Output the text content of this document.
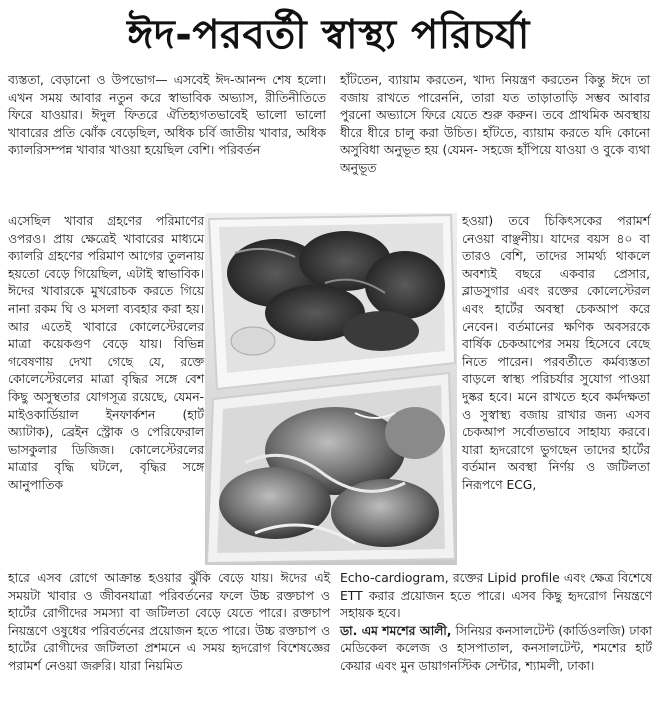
ঈদ-পরবর্তী স্বাস্থ্য পরিচর্যা

ব্যস্ততা, বেড়ানো ও উপভোগ— এসবেই ঈদ-আনন্দ শেষ হলো। এখন সময় আবার নতুন করে স্বাভাবিক অভ্যাস, রীতিনীতিতে ফিরে যাওয়ার। ঈদুল ফিতরে ঐতিহ্যগতভাবেই ভালো ভালো খাবারের প্রতি ঝোঁক বেড়েছিল, অধিক চর্বি জাতীয় খাবার, অধিক ক্যালরিসম্পন্ন খাবার খাওয়া হয়েছিল বেশি। পরিবর্তন

এসেছিল খাবার গ্রহণের পরিমাণের ওপরও। প্রায় ক্ষেত্রেই খাবারের মাধ্যমে ক্যালরি গ্রহণের পরিমাণ আগের তুলনায় হয়তো বেড়ে গিয়েছিল, এটাই স্বাভাবিক। ঈদের খাবারকে মুখরোচক করতে গিয়ে নানা রকম ঘি ও মসলা ব্যবহার করা হয়। আর এতেই খাবারে কোলেস্টেরলের মাত্রা কয়েকগুণ বেড়ে যায়। বিভিন্ন গবেষণায় দেখা গেছে যে, রক্তে কোলেস্টেরলের মাত্রা বৃদ্ধির সঙ্গে বেশ কিছু অসুস্থতার যোগসূত্র রয়েছে, যেমন- মাইওকার্ডিয়াল ইনফার্কশন (হার্ট অ্যাটাক), ব্রেইন স্ট্রোক ও পেরিফেরাল ভাসকুলার ডিজিজ। কোলেস্টেরলের মাত্রার বৃদ্ধি ঘটলে, বৃদ্ধির সঙ্গে আনুপাতিক

হারে এসব রোগে আক্রান্ত হওয়ার ঝুঁকি বেড়ে যায়। ঈদের এই সময়টা খাবার ও জীবনযাত্রা পরিবর্তনের ফলে উচ্চ রক্তচাপ ও হার্টের রোগীদের সমস্যা বা জটিলতা বেড়ে যেতে পারে। রক্তচাপ নিয়ন্ত্রণে ওষুধের পরিবর্তনের প্রয়োজন হতে পারে। উচ্চ রক্তচাপ ও হার্টের রোগীদের জটিলতা প্রশমনে এ সময় হৃদরোগ বিশেষজ্ঞের পরামর্শ নেওয়া জরুরি। যারা নিয়মিত

হাঁটতেন, ব্যায়াম করতেন, খাদ্য নিয়ন্ত্রণ করতেন কিন্তু ঈদে তা বজায় রাখতে পারেননি, তারা যত তাড়াতাড়ি সম্ভব আবার পুরনো অভ্যাসে ফিরে যেতে শুরু করুন। তবে প্রাথমিক অবস্থায় ধীরে ধীরে চালু করা উচিত। হাঁটতে, ব্যায়াম করতে যদি কোনো অসুবিধা অনুভূত হয় (যেমন- সহজে হাঁপিয়ে যাওয়া ও বুকে ব্যথা অনুভূত

হওয়া) তবে চিকিৎসকের পরামর্শ নেওয়া বাঞ্ছনীয়। যাদের বয়স ৪০ বা তারও বেশি, তাদের সামর্থ্য থাকলে অবশ্যই বছরে একবার প্রেসার, ব্লাডসুগার এবং রক্তের কোলেস্টেরল এবং হার্টের অবস্থা চেকআপ করে নেবেন। বর্তমানের ক্ষণিক অবসরকে বার্ষিক চেকআপের সময় হিসেবে বেছে নিতে পারেন। পরবর্তীতে কর্মব্যস্ততা বাড়লে স্বাস্থ্য পরিচর্যার সুযোগ পাওয়া দুষ্কর হবে। মনে রাখতে হবে কর্মদক্ষতা ও সুস্বাস্থ্য বজায় রাখার জন্য এসব চেকআপ সর্বোতভাবে সাহায্য করবে। যারা হৃদরোগে ভুগছেন তাদের হার্টের বর্তমান অবস্থা নির্ণয় ও জটিলতা নিরূপণে ECG,

Echo-cardiogram, রক্তের Lipid profile এবং ক্ষেত্র বিশেষে ETT করার প্রয়োজন হতে পারে। এসব কিছু হৃদরোগ নিয়ন্ত্রণে সহায়ক হবে।

ডা. এম শমশের আলী, সিনিয়র কনসালটেন্ট (কার্ডিওলজি) ঢাকা মেডিকেল কলেজ ও হাসপাতাল, কনসালটেন্ট, শমশের হার্ট কেয়ার এবং মুন ডায়াগনস্টিক সেন্টার, শ্যামলী, ঢাকা।
